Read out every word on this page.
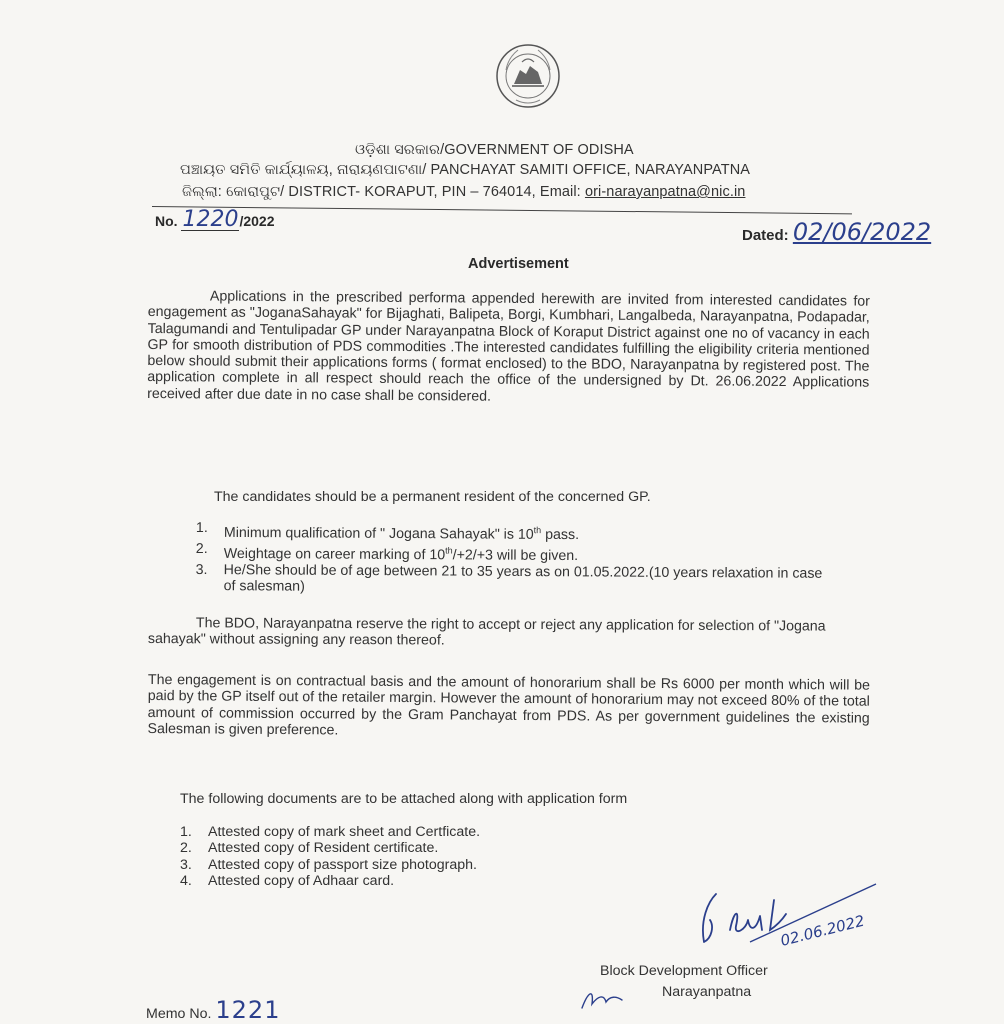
ଓଡ଼ିଶା ସରକାର/GOVERNMENT OF ODISHA
ପଞ୍ଚାୟତ ସମିତି କାର୍ଯ୍ୟାଳୟ, ନାରାୟଣପାଟଣା/ PANCHAYAT SAMITI OFFICE, NARAYANPATNA
ଜିଲ୍ଲା: କୋରାପୁଟ/ DISTRICT- KORAPUT, PIN – 764014, Email: ori-narayanpatna@nic.in
No. 1220/2022
Dated: 02/06/2022
Advertisement
Applications in the prescribed performa appended herewith are invited from interested candidates for engagement as "JoganaSahayak" for Bijaghati, Balipeta, Borgi, Kumbhari, Langalbeda, Narayanpatna, Podapadar, Talagumandi and Tentulipadar GP under Narayanpatna Block of Koraput District against one no of vacancy in each GP for smooth distribution of PDS commodities .The interested candidates fulfilling the eligibility criteria mentioned below should submit their applications forms ( format enclosed) to the BDO, Narayanpatna by registered post. The application complete in all respect should reach the office of the undersigned by Dt. 26.06.2022 Applications received after due date in no case shall be considered.
The candidates should be a permanent resident of the concerned GP.
1. Minimum qualification of " Jogana Sahayak" is 10th pass.
2. Weightage on career marking of 10th/+2/+3 will be given.
3. He/She should be of age between 21 to 35 years as on 01.05.2022.(10 years relaxation in case of salesman)
The BDO, Narayanpatna reserve the right to accept or reject any application for selection of "Jogana sahayak" without assigning any reason thereof.
The engagement is on contractual basis and the amount of honorarium shall be Rs 6000 per month which will be paid by the GP itself out of the retailer margin. However the amount of honorarium may not exceed 80% of the total amount of commission occurred by the Gram Panchayat from PDS. As per government guidelines the existing Salesman is given preference.
The following documents are to be attached along with application form
1. Attested copy of mark sheet and Certficate.
2. Attested copy of Resident certificate.
3. Attested copy of passport size photograph.
4. Attested copy of Adhaar card.
02.06.2022
Block Development Officer
Narayanpatna
Memo No. 1221
